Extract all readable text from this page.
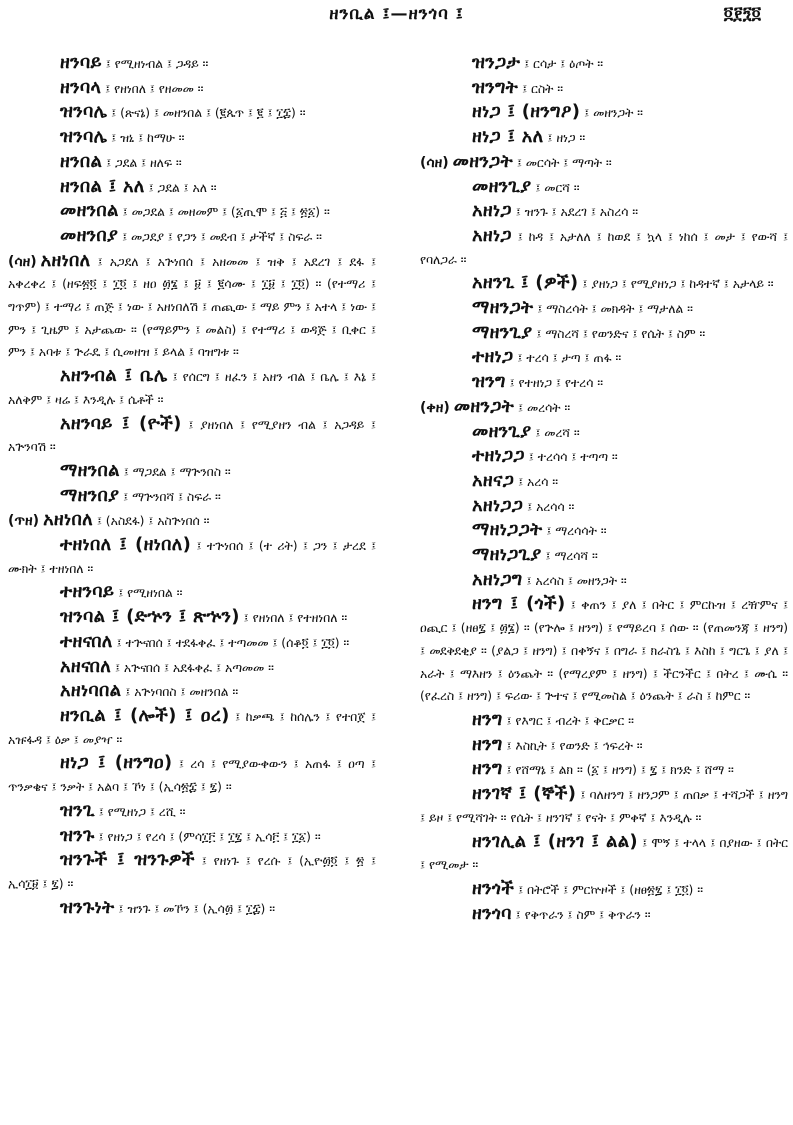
ዘንቢል ፤—ዘንጎባ ፤	፬፻፺፬

ዘንባይ ፤ የሚዘነብል ፤ ጋዳይ ።

ዘንባላ ፤ የዘነበለ ፤ የዘመመ ።

ዝንባሌ ፤ (ጽናኔ) ፤ መዘንበል ፤ (፪ጴጥ ፤ ፪ ፤ ፲፰) ።

ዝንባሌ ፤ ዝኒ ፤ ከማሁ ።

ዘንበል ፤ ጋደል ፤ ዘለፍ ።

ዘንበል ፤ አለ ፤ ጋደል ፤ አለ ።

መዘንበል ፤ መጋደል ፤ መዘመም ፤ (፩ጢሞ ፤ ፭ ፤ ፳፩) ።

መዘንበያ ፤ መጋደያ ፤ የጋን ፤ መደብ ፤ ታችኛ ፤ ስፍራ ።

(ሳዘ) አዘነበለ ፤ አጋደለ ፤ አጕነበሰ ፤ አዘመመ ፤ ዝቅ ፤ አደረገ ፤ ደፋ ፤ አቀረቀረ ፤ (ዘፍ፳፬ ፤ ፲፬ ፤ ዘዐ ፴፮ ፤ ፱ ፤ ፪ሳሙ ፤ ፲፱ ፤ ፲፬) ። (የተማሪ ፤ ግጥም) ፤ ተማሪ ፤ ጠጅ ፤ ነው ፤ አዘነበለሽ ፤ ጠጪው ፤ ማይ ምን ፤ አተላ ፤ ነው ፤ ምን ፤ ጊዜም ፤ አታጨው ። (የማይምን ፤ መልስ) ፤ የተማሪ ፤ ወዳጅ ፤ ቢቀር ፤ ምን ፤ አባቱ ፤ ጕራዴ ፤ ሲመዘዝ ፤ ይላል ፤ ባዝግቱ ።

አዘንብል ፤ ቤሌ ፤ የሰርግ ፤ ዘፈን ፤ አዘን ብል ፤ ቤሌ ፤ እኔ ፤ አለቅም ፤ ዛሬ ፤ እንዲሉ ፤ ሴቶች ።

አዘንባይ ፤ (ዮች) ፤ ያዘነበለ ፤ የሚያዘን ብል ፤ አጋዳይ ፤ አጕንባሽ ።

ማዘንበል ፤ ማጋደል ፤ ማጕንበስ ።

ማዘንበያ ፤ ማጕንበሻ ፤ ስፍራ ።

(ጥዘ) አዘነበለ ፤ (አስደፋ) ፤ አስጕነበሰ ።

ተዘነበለ ፤ (ዘነበለ) ፤ ተጕነበሰ ፤ (ተ ሪት) ፤ ጋን ፤ ታረደ ፤ ሙክት ፤ ተዘነበለ ።

ተዘንባይ ፤ የሚዘነበል ።

ዝንባል ፤ (ድኍን ፤ ጽኍን) ፤ የዘነበለ ፤ የተዘነበለ ።

ተዘናበለ ፤ ተጕናበሰ ፤ ተደፋቀፈ ፤ ተጣመመ ፤ (ሰቆ፬ ፤ ፲፬) ።

አዘናበለ ፤ አጕናበሰ ፤ አደፋቀፈ ፤ አጣመመ ።

አዘነባበል ፤ አጕነባበስ ፤ መዘንበል ።

ዘንቢል ፤ (ሎች) ፤ ዐረ) ፤ ከቃጫ ፤ ከሰሌን ፤ የተበጀ ፤ አዡፋዳ ፤ ዕቃ ፤ መያዣ ።

ዘነጋ ፤ (ዘንግዐ) ፤ ረሳ ፤ የሚያውቀውን ፤ አጠፋ ፤ ዐጣ ፤ ጥንቃቄና ፤ ንቃት ፤ አልባ ፤ ኾነ ፤ (ኢሳ፳፰ ፤ ፯) ።

ዝንጊ ፤ የሚዘነጋ ፤ ረሺ ።

ዝንጉ ፤ የዘነጋ ፤ የረሳ ፤ (ምሳ፲፫ ፤ ፲፯ ፤ ኢሳ፫ ፤ ፲፩) ።

ዝንጉች ፤ ዝንጉዎች ፤ የዘነጉ ፤ የረሱ ፤ (ኢዮ፴፬ ፤ ፳ ፤ ኢሳ፲፱ ፤ ፯) ።

ዝንጉነት ፤ ዝንጉ ፤ መኾን ፤ (ኢሳ፴ ፤ ፲፰) ።

ዝንጋታ ፤ ርሳታ ፤ ዕጦት ።

ዝንግት ፤ ርስት ።

ዘነጋ ፤ (ዘንግዖ) ፤ መዘንጋት ።

ዘነጋ ፤ አለ ፤ ዘነጋ ።

(ሳዘ) መዘንጋት ፤ መርሳት ፤ ማጣት ።

መዘንጊያ ፤ መርሻ ።

አዘነጋ ፤ ዝንጉ ፤ አደረገ ፤ አስረሳ ።

አዘነጋ ፤ ከዳ ፤ አታለለ ፤ ከወደ ፤ ኳላ ፤ ነከሰ ፤ መታ ፤ የውሻ ፤ የባለጋራ ።

አዘንጊ ፤ (ዎች) ፤ ያዘነጋ ፤ የሚያዘነጋ ፤ ከዳተኛ ፤ አታላይ ።

ማዘንጋት ፤ ማስረሳት ፤ መክዳት ፤ ማታለል ።

ማዘንጊያ ፤ ማስረሻ ፤ የወንድና ፤ የሴት ፤ ስም ።

ተዘነጋ ፤ ተረሳ ፤ ታጣ ፤ ጠፋ ።

ዝንግ ፤ የተዘነጋ ፤ የተረሳ ።

(ቀዘ) መዘንጋት ፤ መረሳት ።

መዘንጊያ ፤ መረሻ ።

ተዘነጋጋ ፤ ተረሳሳ ፤ ተጣጣ ።

አዘናጋ ፤ አረሳ ።

አዘነጋጋ ፤ አረሳሳ ።

ማዘነጋጋት ፤ ማረሳሳት ።

ማዘነጋጊያ ፤ ማረሳሻ ።

አዘነጋግ ፤ አረሳስ ፤ መዘንጋት ።

ዘንግ ፤ (ጎች) ፤ ቀጠን ፤ ያለ ፤ በትር ፤ ምርኩዝ ፤ ረዥምና ፤ ዐጪር ፤ (ዘፀ፯ ፤ ፴፮) ። (የጕሎ ፤ ዘንግ) ፤ የማይረባ ፤ ሰው ። (የጠመንጃ ፤ ዘንግ) ፤ መደቅደቂያ ። (ያልጋ ፤ ዘንግ) ፤ በቀኝና ፤ በግራ ፤ ክራስጌ ፤ እስከ ፤ ግርጌ ፤ ያለ ፤ አራት ፤ ማእዘን ፤ ዕንጨት ። (የማረያም ፤ ዘንግ) ፤ ችርንችር ፤ በትረ ፤ ሙሴ ። (የፈረስ ፤ ዘንግ) ፤ ፍሪው ፤ ጕተና ፤ የሚመስል ፤ ዕንጨት ፤ ራስ ፤ ከምር ።

ዘንግ ፤ የእግር ፤ ብረት ፤ ቅርቃር ።

ዘንግ ፤ እስኪት ፤ የወንድ ፤ ኅፍረት ።

ዘንግ ፤ የሸማኔ ፤ ልክ ። (፩ ፤ ዘንግ) ፤ ፯ ፤ ክንድ ፤ ሸማ ።

ዘንገኛ ፤ (ኞች) ፤ ባለዘንግ ፤ ዘንጋም ፤ ጠበቃ ፤ ተሻጋች ፤ ዘንግ ፤ ይዞ ፤ የሚሻገት ። የሴት ፤ ዘንገኛ ፤ የናት ፤ ምቀኛ ፤ እንዲሉ ።

ዘንገሊል ፤ (ዘንገ ፤ ልል) ፤ ሞኝ ፤ ተላላ ፤ በያዘው ፤ በትር ፤ የሚመታ ።

ዘንጎች ፤ በትሮች ፤ ምርኵዞች ፤ (ዘፀ፳፯ ፤ ፲፬) ።

ዘንጎባ ፤ የቅጥራን ፤ ስም ፤ ቅጥራን ።
